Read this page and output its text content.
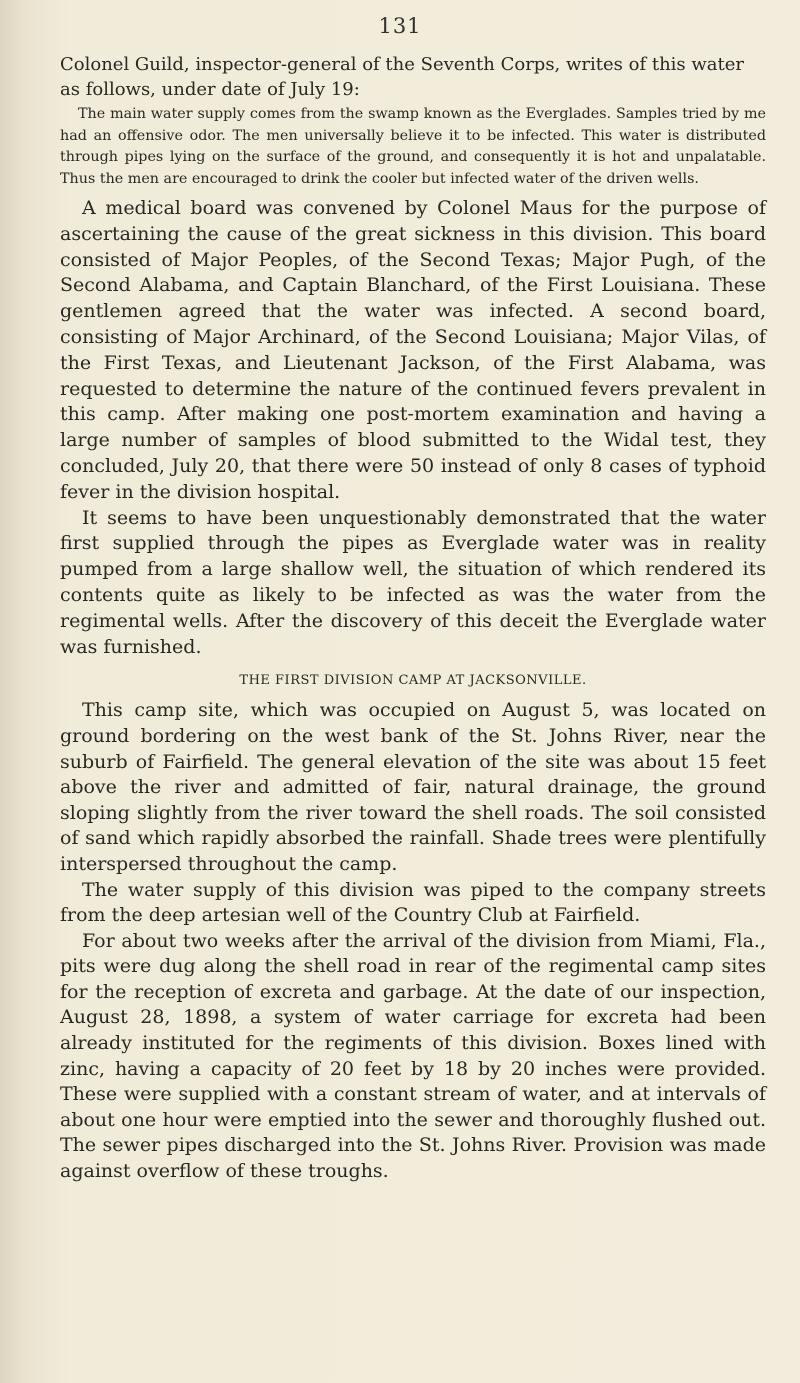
131

Colonel Guild, inspector-general of the Seventh Corps, writes of this water as follows, under date of July 19:

The main water supply comes from the swamp known as the Everglades. Samples tried by me had an offensive odor. The men universally believe it to be infected. This water is distributed through pipes lying on the surface of the ground, and consequently it is hot and unpalatable. Thus the men are encouraged to drink the cooler but infected water of the driven wells.

A medical board was convened by Colonel Maus for the purpose of ascertaining the cause of the great sickness in this division. This board consisted of Major Peoples, of the Second Texas; Major Pugh, of the Second Alabama, and Captain Blanchard, of the First Louisiana. These gentlemen agreed that the water was infected. A second board, consisting of Major Archinard, of the Second Louisiana; Major Vilas, of the First Texas, and Lieutenant Jackson, of the First Alabama, was requested to determine the nature of the continued fevers prevalent in this camp. After making one post-mortem examination and having a large number of samples of blood submitted to the Widal test, they concluded, July 20, that there were 50 instead of only 8 cases of typhoid fever in the division hospital.

It seems to have been unquestionably demonstrated that the water first supplied through the pipes as Everglade water was in reality pumped from a large shallow well, the situation of which rendered its contents quite as likely to be infected as was the water from the regimental wells. After the discovery of this deceit the Everglade water was furnished.

THE FIRST DIVISION CAMP AT JACKSONVILLE.

This camp site, which was occupied on August 5, was located on ground bordering on the west bank of the St. Johns River, near the suburb of Fairfield. The general elevation of the site was about 15 feet above the river and admitted of fair, natural drainage, the ground sloping slightly from the river toward the shell roads. The soil consisted of sand which rapidly absorbed the rainfall. Shade trees were plentifully interspersed throughout the camp.

The water supply of this division was piped to the company streets from the deep artesian well of the Country Club at Fairfield.

For about two weeks after the arrival of the division from Miami, Fla., pits were dug along the shell road in rear of the regimental camp sites for the reception of excreta and garbage. At the date of our inspection, August 28, 1898, a system of water carriage for excreta had been already instituted for the regiments of this division. Boxes lined with zinc, having a capacity of 20 feet by 18 by 20 inches were provided. These were supplied with a constant stream of water, and at intervals of about one hour were emptied into the sewer and thoroughly flushed out. The sewer pipes discharged into the St. Johns River. Provision was made against overflow of these troughs.
